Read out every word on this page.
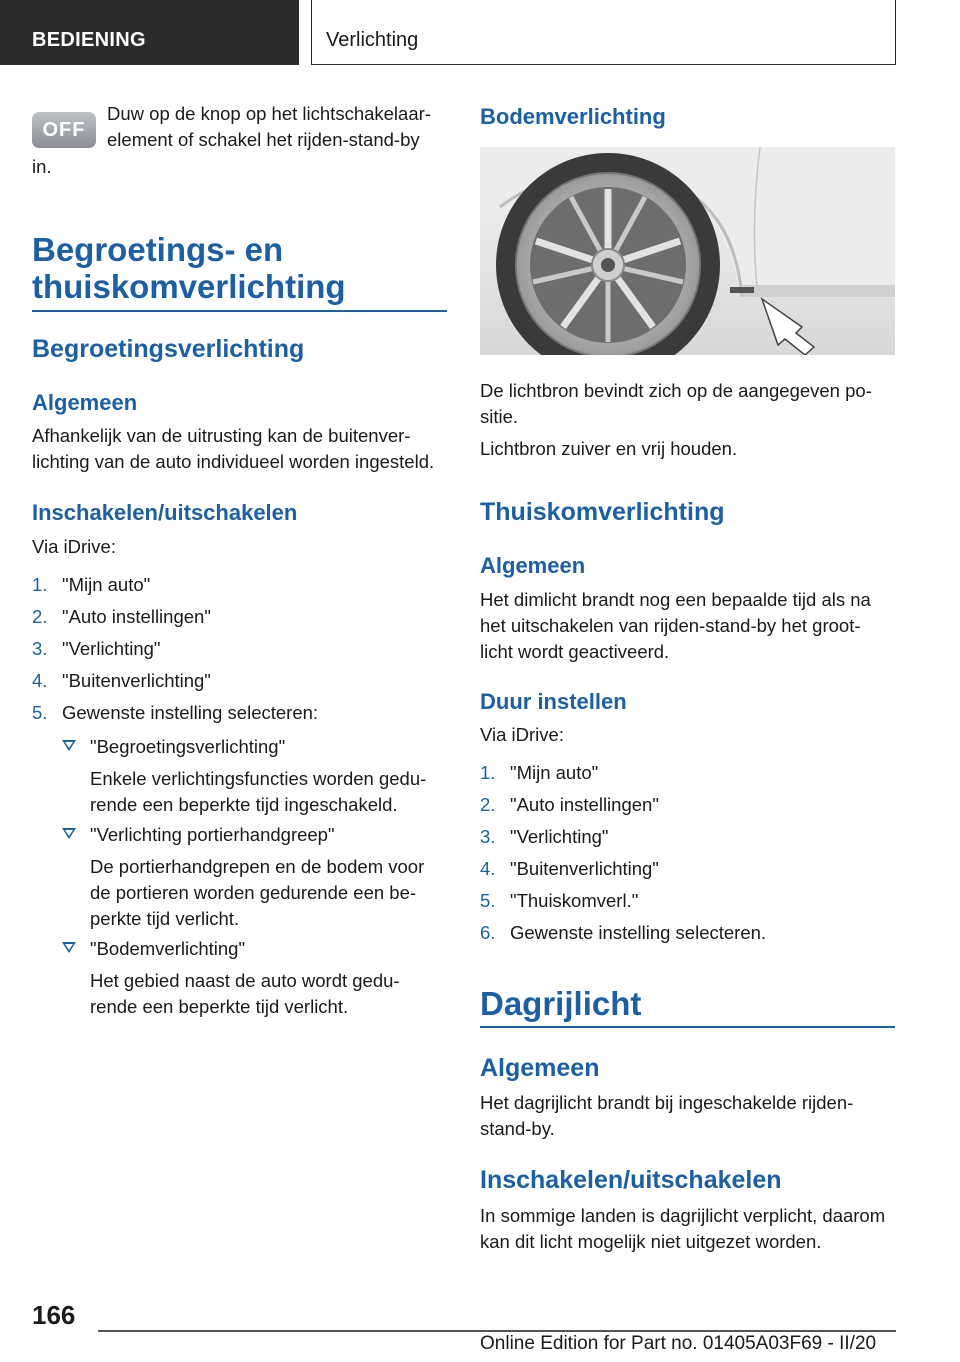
BEDIENING	Verlichting
OFF

Duw op de knop op het lichtschakelaar-

element of schakel het rijden-stand-by

in.

Begroetings- en
thuiskomverlichting
Begroetingsverlichting
Algemeen

Afhankelijk van de uitrusting kan de buitenver-

lichting van de auto individueel worden ingesteld.

Inschakelen/uitschakelen

Via iDrive:

1. "Mijn auto"
2. "Auto instellingen"
3. "Verlichting"
4. "Buitenverlichting"
5. Gewenste instelling selecteren:

"Begroetingsverlichting"

Enkele verlichtingsfuncties worden gedu-

rende een beperkte tijd ingeschakeld.

"Verlichting portierhandgreep"

De portierhandgrepen en de bodem voor

de portieren worden gedurende een be-

perkte tijd verlicht.

"Bodemverlichting"

Het gebied naast de auto wordt gedu-

rende een beperkte tijd verlicht.

Bodemverlichting

De lichtbron bevindt zich op de aangegeven po-

sitie.

Lichtbron zuiver en vrij houden.

Thuiskomverlichting
Algemeen

Het dimlicht brandt nog een bepaalde tijd als na

het uitschakelen van rijden-stand-by het groot-

licht wordt geactiveerd.

Duur instellen

Via iDrive:

1. "Mijn auto"
2. "Auto instellingen"
3. "Verlichting"
4. "Buitenverlichting"
5. "Thuiskomverl."
6. Gewenste instelling selecteren.
Dagrijlicht
Algemeen

Het dagrijlicht brandt bij ingeschakelde rijden-

stand-by.

Inschakelen/uitschakelen

In sommige landen is dagrijlicht verplicht, daarom

kan dit licht mogelijk niet uitgezet worden.

166
Online Edition for Part no. 01405A03F69 - II/20
